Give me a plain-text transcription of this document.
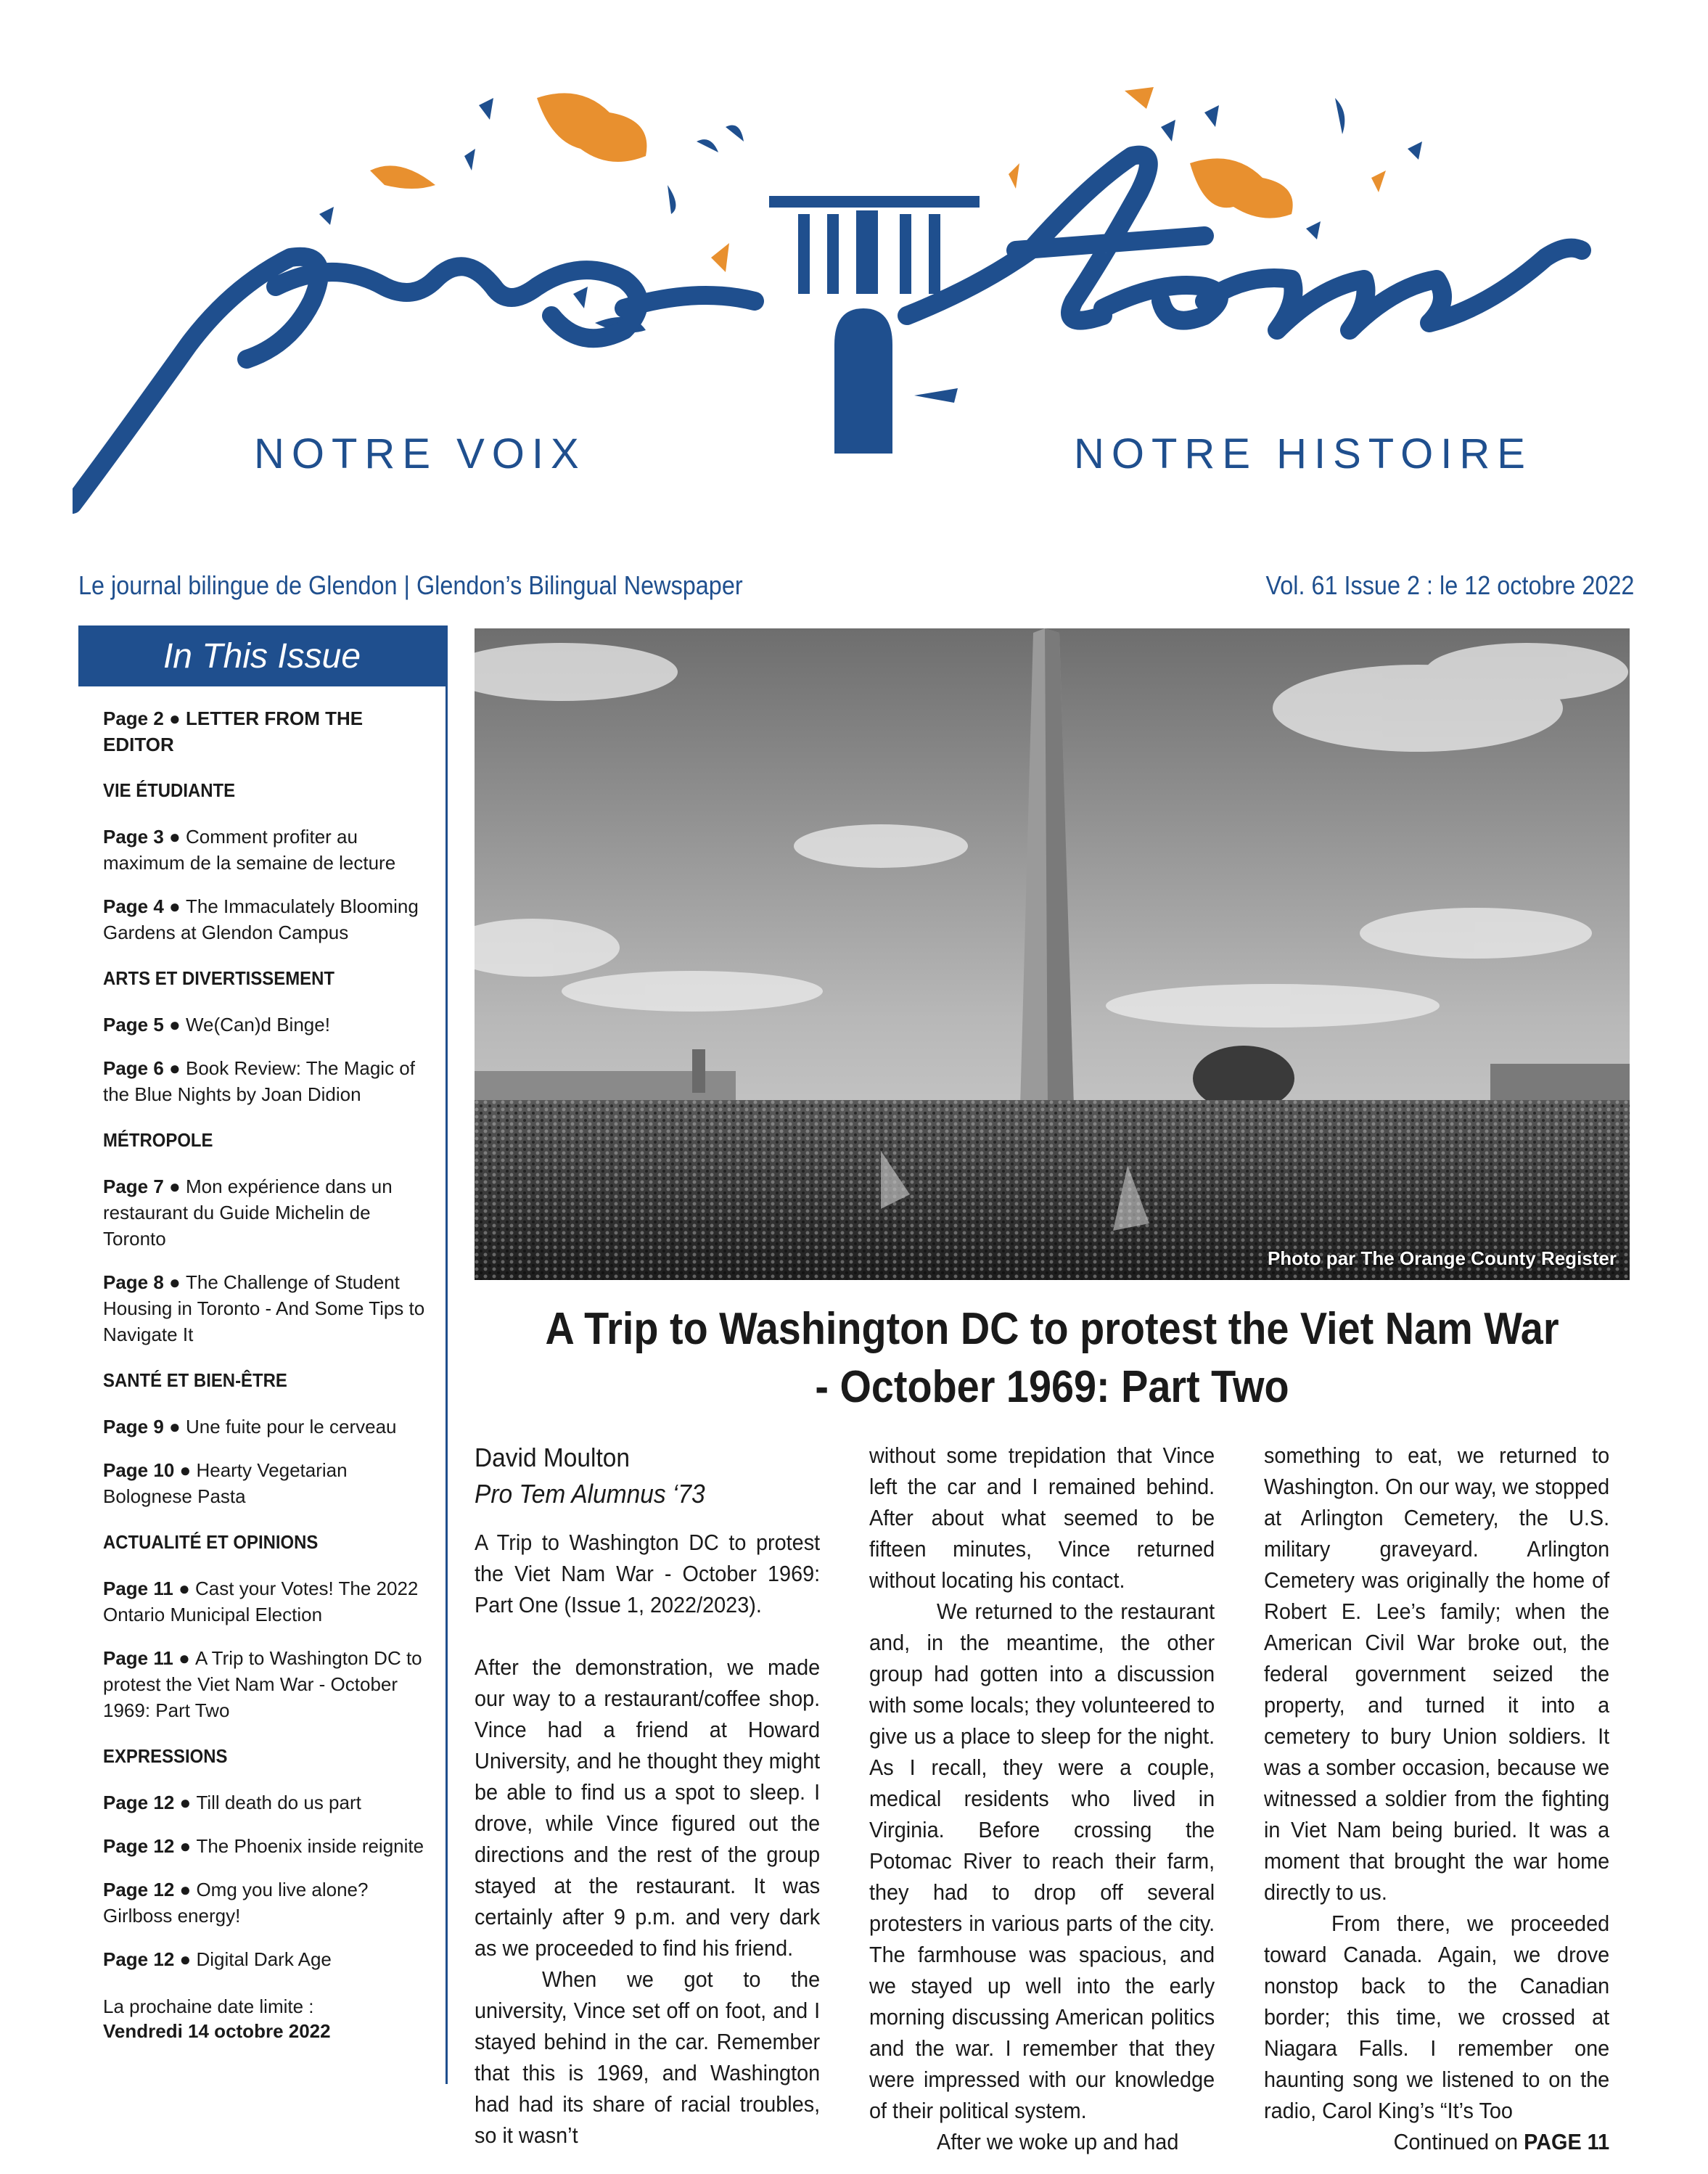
NOTRE VOIX	NOTRE HISTOIRE
Le journal bilingue de Glendon | Glendon’s Bilingual Newspaper	Vol. 61 Issue 2 : le 12 octobre 2022
In This Issue
Page 2 ● LETTER FROM THE EDITOR
VIE ÉTUDIANTE
Page 3 ● Comment profiter au maximum de la semaine de lecture
Page 4 ● The Immaculately Blooming Gardens at Glendon Campus
ARTS ET DIVERTISSEMENT
Page 5 ● We(Can)d Binge!
Page 6 ● Book Review: The Magic of the Blue Nights by Joan Didion
MÉTROPOLE
Page 7 ● Mon expérience dans un restaurant du Guide Michelin de Toronto
Page 8 ● The Challenge of Student Housing in Toronto - And Some Tips to Navigate It
SANTÉ ET BIEN-ÊTRE
Page 9 ● Une fuite pour le cerveau
Page 10 ● Hearty Vegetarian Bolognese Pasta
ACTUALITÉ ET OPINIONS
Page 11 ● Cast your Votes! The 2022 Ontario Municipal Election
Page 11 ● A Trip to Washington DC to protest the Viet Nam War - October 1969: Part Two
EXPRESSIONS
Page 12 ● Till death do us part
Page 12 ● The Phoenix inside reignite
Page 12 ● Omg you live alone? Girlboss energy!
Page 12 ● Digital Dark Age
La prochaine date limite :
Vendredi 14 octobre 2022
Photo par The Orange County Register
A Trip to Washington DC to protest the Viet Nam War
- October 1969: Part Two
David Moulton
Pro Tem Alumnus ‘73

A Trip to Washington DC to protest the Viet Nam War - October 1969: Part One (Issue 1, 2022/2023).

After the demonstration, we made our way to a restaurant/coffee shop. Vince had a friend at Howard University, and he thought they might be able to find us a spot to sleep. I drove, while Vince figured out the directions and the rest of the group stayed at the restaurant. It was certainly after 9 p.m. and very dark as we proceeded to find his friend.

When we got to the university, Vince set off on foot, and I stayed behind in the car. Remember that this is 1969, and Washington had had its share of racial troubles, so it wasn’t

without some trepidation that Vince left the car and I remained behind. After about what seemed to be fifteen minutes, Vince returned without locating his contact.

We returned to the restaurant and, in the meantime, the other group had gotten into a discussion with some locals; they volunteered to give us a place to sleep for the night. As I recall, they were a couple, medical residents who lived in Virginia. Before crossing the Potomac River to reach their farm, they had to drop off several protesters in various parts of the city. The farmhouse was spacious, and we stayed up well into the early morning discussing American politics and the war. I remember that they were impressed with our knowledge of their political system.

After we woke up and had

something to eat, we returned to Washington. On our way, we stopped at Arlington Cemetery, the U.S. military graveyard. Arlington Cemetery was originally the home of Robert E. Lee’s family; when the American Civil War broke out, the federal government seized the property, and turned it into a cemetery to bury Union soldiers. It was a somber occasion, because we witnessed a soldier from the fighting in Viet Nam being buried. It was a moment that brought the war home directly to us.

From there, we proceeded toward Canada. Again, we drove nonstop back to the Canadian border; this time, we crossed at Niagara Falls. I remember one haunting song we listened to on the radio, Carol King’s “It’s Too

Continued on PAGE 11
